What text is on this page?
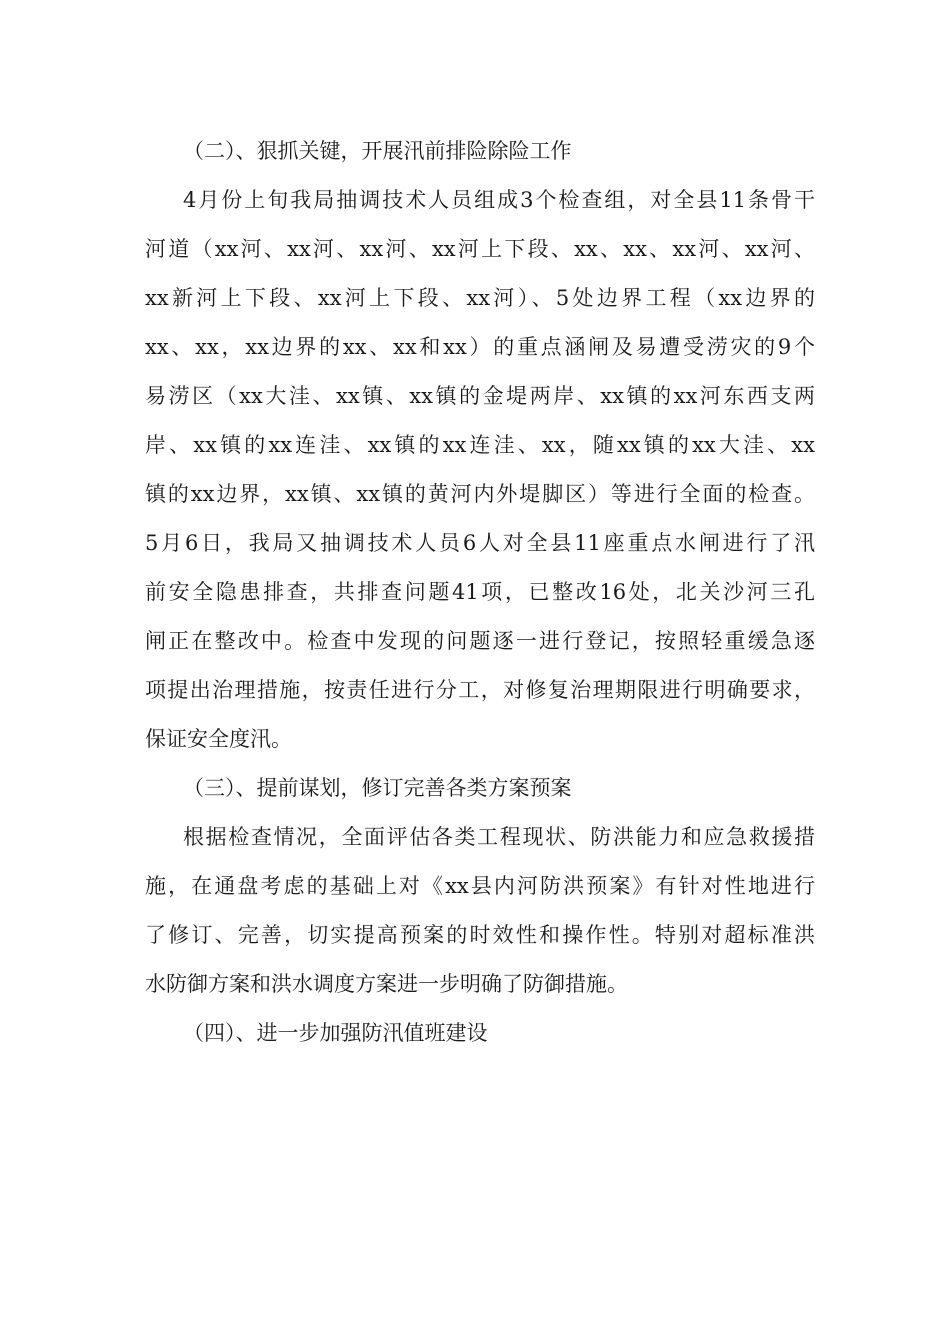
（二）、狠抓关键，开展汛前排险除险工作
4月份上旬我局抽调技术人员组成3个检查组，对全县11条骨干
河道（xx河、xx河、xx河、xx河上下段、xx、xx、xx河、xx河、
xx新河上下段、xx河上下段、xx河）、5处边界工程（xx边界的
xx、xx，xx边界的xx、xx和xx）的重点涵闸及易遭受涝灾的9个
易涝区（xx大洼、xx镇、xx镇的金堤两岸、xx镇的xx河东西支两
岸、xx镇的xx连洼、xx镇的xx连洼、xx，随xx镇的xx大洼、xx
镇的xx边界，xx镇、xx镇的黄河内外堤脚区）等进行全面的检查。
5月6日，我局又抽调技术人员6人对全县11座重点水闸进行了汛
前安全隐患排查，共排查问题41项，已整改16处，北关沙河三孔
闸正在整改中。检查中发现的问题逐一进行登记，按照轻重缓急逐
项提出治理措施，按责任进行分工，对修复治理期限进行明确要求，
保证安全度汛。
（三）、提前谋划，修订完善各类方案预案
根据检查情况，全面评估各类工程现状、防洪能力和应急救援措
施，在通盘考虑的基础上对《xx县内河防洪预案》有针对性地进行
了修订、完善，切实提高预案的时效性和操作性。特别对超标准洪
水防御方案和洪水调度方案进一步明确了防御措施。
（四）、进一步加强防汛值班建设
